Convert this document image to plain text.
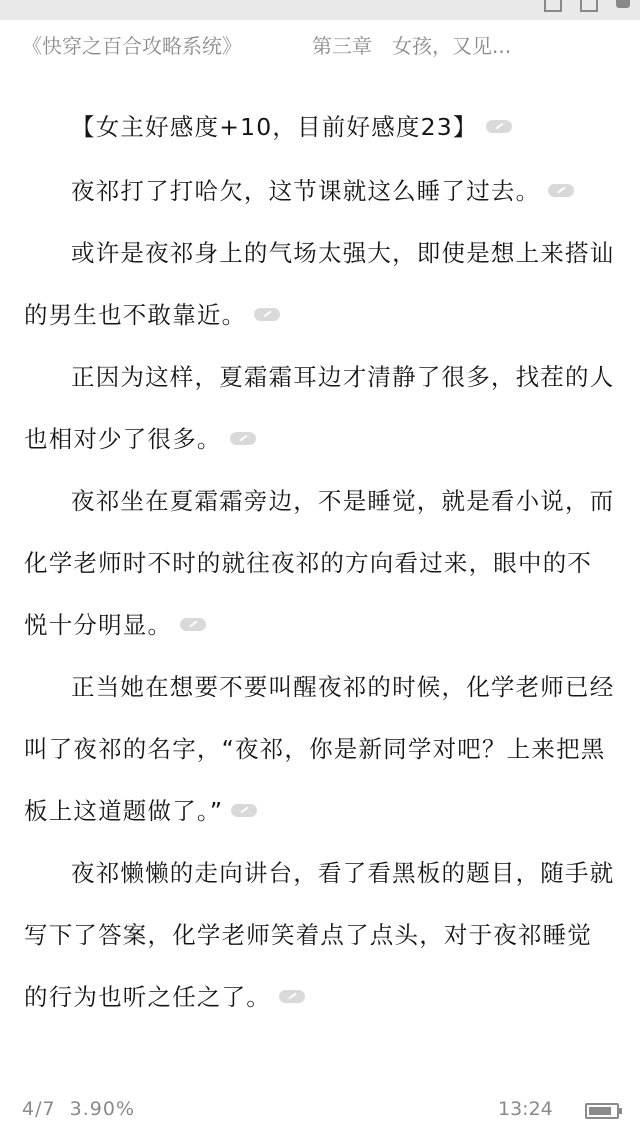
《快穿之百合攻略系统》	第三章　女孩，又见...

【女主好感度+10，目前好感度23】

夜祁打了打哈欠，这节课就这么睡了过去。

或许是夜祁身上的气场太强大，即使是想上来搭讪的男生也不敢靠近。

正因为这样，夏霜霜耳边才清静了很多，找茬的人也相对少了很多。

夜祁坐在夏霜霜旁边，不是睡觉，就是看小说，而化学老师时不时的就往夜祁的方向看过来，眼中的不悦十分明显。

正当她在想要不要叫醒夜祁的时候，化学老师已经叫了夜祁的名字，“夜祁，你是新同学对吧？上来把黑板上这道题做了。”

夜祁懒懒的走向讲台，看了看黑板的题目，随手就写下了答案，化学老师笑着点了点头，对于夜祁睡觉的行为也听之任之了。

4/7 3.90%	13:24
